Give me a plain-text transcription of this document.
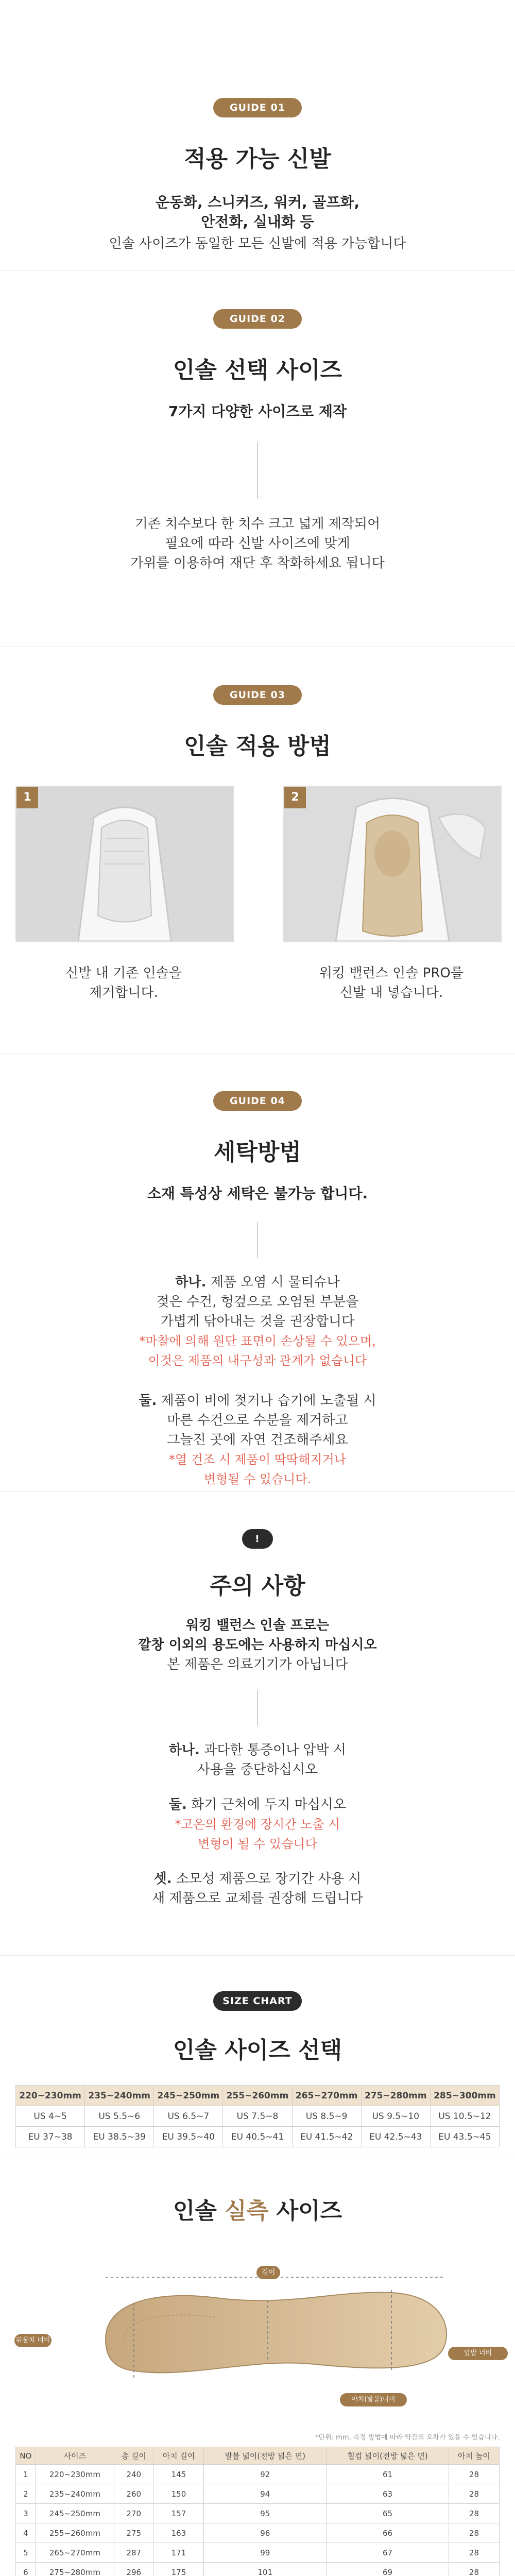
GUIDE 01
적용 가능 신발
운동화, 스니커즈, 워커, 골프화,
안전화, 실내화 등
인솔 사이즈가 동일한 모든 신발에 적용 가능합니다
GUIDE 02
인솔 선택 사이즈
7가지 다양한 사이즈로 제작
기존 치수보다 한 치수 크고 넓게 제작되어
필요에 따라 신발 사이즈에 맞게
가위를 이용하여 재단 후 착화하세요 됩니다
GUIDE 03
인솔 적용 방법
1	2
신발 내 기존 인솔을
제거합니다.
워킹 밸런스 인솔 PRO를
신발 내 넣습니다.
GUIDE 04
세탁방법
소재 특성상 세탁은 불가능 합니다.
하나. 제품 오염 시 물티슈나
젖은 수건, 헝겊으로 오염된 부분을
가볍게 닦아내는 것을 권장합니다
*마찰에 의해 원단 표면이 손상될 수 있으며,
이것은 제품의 내구성과 관계가 없습니다
둘. 제품이 비에 젖거나 습기에 노출될 시
마른 수건으로 수분을 제거하고
그늘진 곳에 자연 건조해주세요
*열 건조 시 제품이 딱딱해지거나
변형될 수 있습니다.
!
주의 사항
워킹 밸런스 인솔 프로는
깔창 이외의 용도에는 사용하지 마십시오
본 제품은 의료기기가 아닙니다
하나. 과다한 통증이나 압박 시
사용을 중단하십시오
둘. 화기 근처에 두지 마십시오
*고온의 환경에 장시간 노출 시
변형이 될 수 있습니다
셋. 소모성 제품으로 장기간 사용 시
새 제품으로 교체를 권장해 드립니다
SIZE CHART
인솔 사이즈 선택
220~230mm	235~240mm	245~250mm	255~260mm	265~270mm	275~280mm	285~300mm
US 4~5	US 5.5~6	US 6.5~7	US 7.5~8	US 8.5~9	US 9.5~10	US 10.5~12
EU 37~38	EU 38.5~39	EU 39.5~40	EU 40.5~41	EU 41.5~42	EU 42.5~43	EU 43.5~45
인솔 실측 사이즈
길이
뒤꿈치 너비
앞발 너비
아치(발볼)너비
*단위: mm, 측정 방법에 따라 약간의 오차가 있을 수 있습니다.
NO	사이즈	총 길이	아치 길이	발볼 넓이(전방 넓은 면)	힐컵 넓이(전방 넓은 면)	아치 높이
1	220~230mm	240	145	92	61	28
2	235~240mm	260	150	94	63	28
3	245~250mm	270	157	95	65	28
4	255~260mm	275	163	96	66	28
5	265~270mm	287	171	99	67	28
6	275~280mm	296	175	101	69	28
